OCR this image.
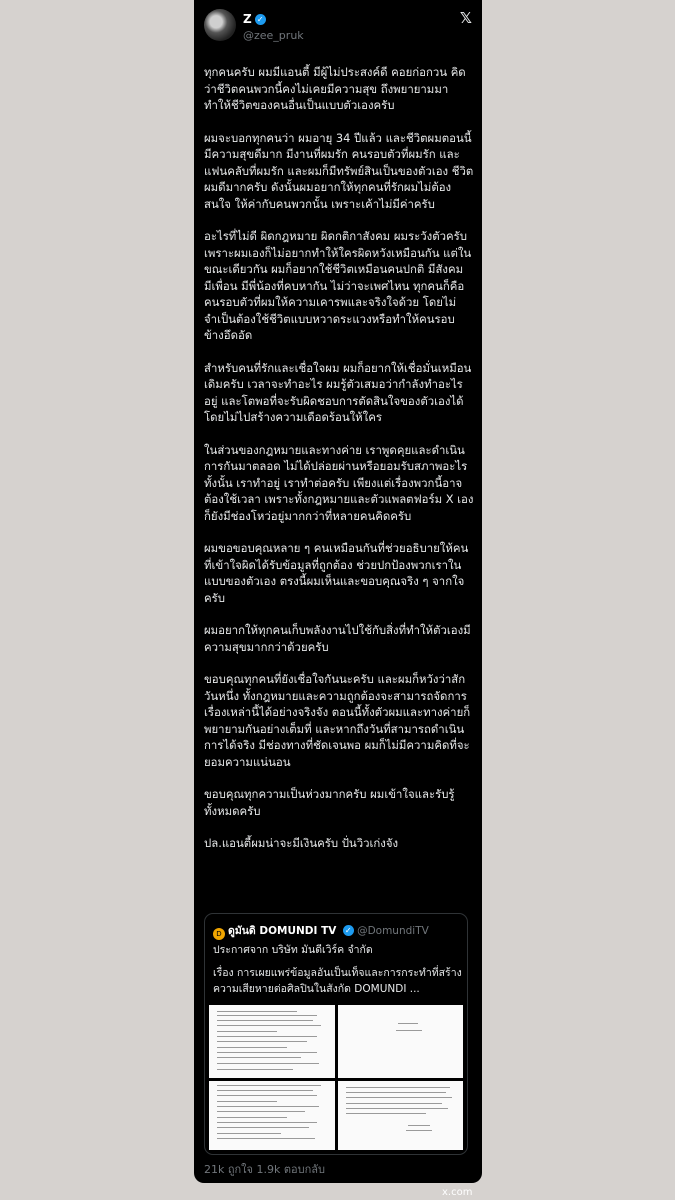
Z ✓
@zee_pruk
𝕏

ทุกคนครับ ผมมีแอนตี้ มีผู้ไม่ประสงค์ดี คอยก่อกวน คิดว่าชีวิตคนพวกนี้คงไม่เคยมีความสุข ถึงพยายามมาทำให้ชีวิตของคนอื่นเป็นแบบตัวเองครับ

ผมจะบอกทุกคนว่า ผมอายุ 34 ปีแล้ว และชีวิตผมตอนนี้มีความสุขดีมาก มีงานที่ผมรัก คนรอบตัวที่ผมรัก และแฟนคลับที่ผมรัก และผมก็มีทรัพย์สินเป็นของตัวเอง ชีวิตผมดีมากครับ ดังนั้นผมอยากให้ทุกคนที่รักผมไม่ต้องสนใจ ให้ค่ากับคนพวกนั้น เพราะเค้าไม่มีค่าครับ

อะไรที่ไม่ดี ผิดกฎหมาย ผิดกติกาสังคม ผมระวังตัวครับ เพราะผมเองก็ไม่อยากทำให้ใครผิดหวังเหมือนกัน แต่ในขณะเดียวกัน ผมก็อยากใช้ชีวิตเหมือนคนปกติ มีสังคม มีเพื่อน มีพี่น้องที่คบหากัน ไม่ว่าจะเพศไหน ทุกคนก็คือคนรอบตัวที่ผมให้ความเคารพและจริงใจด้วย โดยไม่จำเป็นต้องใช้ชีวิตแบบหวาดระแวงหรือทำให้คนรอบข้างอึดอัด

สำหรับคนที่รักและเชื่อใจผม ผมก็อยากให้เชื่อมั่นเหมือนเดิมครับ เวลาจะทำอะไร ผมรู้ตัวเสมอว่ากำลังทำอะไรอยู่ และโตพอที่จะรับผิดชอบการตัดสินใจของตัวเองได้ โดยไม่ไปสร้างความเดือดร้อนให้ใคร

ในส่วนของกฎหมายและทางค่าย เราพูดคุยและดำเนินการกันมาตลอด ไม่ได้ปล่อยผ่านหรือยอมรับสภาพอะไรทั้งนั้น เราทำอยู่ เราทำต่อครับ เพียงแต่เรื่องพวกนี้อาจต้องใช้เวลา เพราะทั้งกฎหมายและตัวแพลตฟอร์ม X เองก็ยังมีช่องโหว่อยู่มากกว่าที่หลายคนคิดครับ

ผมขอขอบคุณหลาย ๆ คนเหมือนกันที่ช่วยอธิบายให้คนที่เข้าใจผิดได้รับข้อมูลที่ถูกต้อง ช่วยปกป้องพวกเราในแบบของตัวเอง ตรงนี้ผมเห็นและขอบคุณจริง ๆ จากใจครับ

ผมอยากให้ทุกคนเก็บพลังงานไปใช้กับสิ่งที่ทำให้ตัวเองมีความสุขมากกว่าด้วยครับ

ขอบคุณทุกคนที่ยังเชื่อใจกันนะครับ และผมก็หวังว่าสักวันหนึ่ง ทั้งกฎหมายและความถูกต้องจะสามารถจัดการเรื่องเหล่านี้ได้อย่างจริงจัง ตอนนี้ทั้งตัวผมและทางค่ายก็พยายามกันอย่างเต็มที่ และหากถึงวันที่สามารถดำเนินการได้จริง มีช่องทางที่ชัดเจนพอ ผมก็ไม่มีความคิดที่จะยอมความแน่นอน

ขอบคุณทุกความเป็นห่วงมากครับ ผมเข้าใจและรับรู้ทั้งหมดครับ

ปล.แอนตี้ผมน่าจะมีเงินครับ ปั่นวิวเก่งจัง

D ดูมันดิ DOMUNDI TV ✓ @DomundiTV
ประกาศจาก บริษัท มันดีเวิร์ค จำกัด
เรื่อง การเผยแพร่ข้อมูลอันเป็นเท็จและการกระทำที่สร้างความเสียหายต่อศิลปินในสังกัด DOMUNDI ...
21k ถูกใจ 1.9k ตอบกลับ
x.com
